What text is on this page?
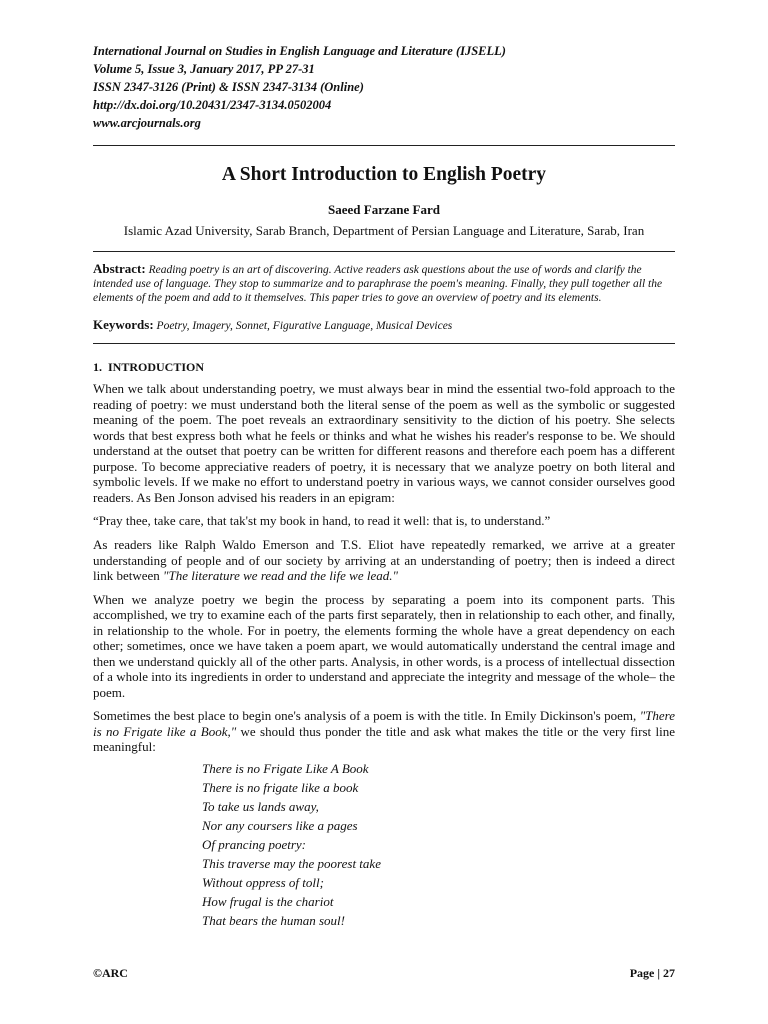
International Journal on Studies in English Language and Literature (IJSELL)
Volume 5, Issue 3, January 2017, PP 27-31
ISSN 2347-3126 (Print) & ISSN 2347-3134 (Online)
http://dx.doi.org/10.20431/2347-3134.0502004
www.arcjournals.org
A Short Introduction to English Poetry
Saeed Farzane Fard
Islamic Azad University, Sarab Branch, Department of Persian Language and Literature, Sarab, Iran
Abstract: Reading poetry is an art of discovering. Active readers ask questions about the use of words and clarify the intended use of language. They stop to summarize and to paraphrase the poem's meaning. Finally, they pull together all the elements of the poem and add to it themselves. This paper tries to gove an overview of poetry and its elements.
Keywords: Poetry, Imagery, Sonnet, Figurative Language, Musical Devices
1. INTRODUCTION

When we talk about understanding poetry, we must always bear in mind the essential two-fold approach to the reading of poetry: we must understand both the literal sense of the poem as well as the symbolic or suggested meaning of the poem. The poet reveals an extraordinary sensitivity to the diction of his poetry. She selects words that best express both what he feels or thinks and what he wishes his reader's response to be. We should understand at the outset that poetry can be written for different reasons and therefore each poem has a different purpose. To become appreciative readers of poetry, it is necessary that we analyze poetry on both literal and symbolic levels. If we make no effort to understand poetry in various ways, we cannot consider ourselves good readers. As Ben Jonson advised his readers in an epigram:

“Pray thee, take care, that tak'st my book in hand, to read it well: that is, to understand.”

As readers like Ralph Waldo Emerson and T.S. Eliot have repeatedly remarked, we arrive at a greater understanding of people and of our society by arriving at an understanding of poetry; then is indeed a direct link between "The literature we read and the life we lead."

When we analyze poetry we begin the process by separating a poem into its component parts. This accomplished, we try to examine each of the parts first separately, then in relationship to each other, and finally, in relationship to the whole. For in poetry, the elements forming the whole have a great dependency on each other; sometimes, once we have taken a poem apart, we would automatically understand the central image and then we understand quickly all of the other parts. Analysis, in other words, is a process of intellectual dissection of a whole into its ingredients in order to understand and appreciate the integrity and message of the whole– the poem.

Sometimes the best place to begin one's analysis of a poem is with the title. In Emily Dickinson's poem, "There is no Frigate like a Book," we should thus ponder the title and ask what makes the title or the very first line meaningful:

There is no Frigate Like A Book
There is no frigate like a book
To take us lands away,
Nor any coursers like a pages
Of prancing poetry:
This traverse may the poorest take
Without oppress of toll;
How frugal is the chariot
That bears the human soul!
©ARC	Page | 27
